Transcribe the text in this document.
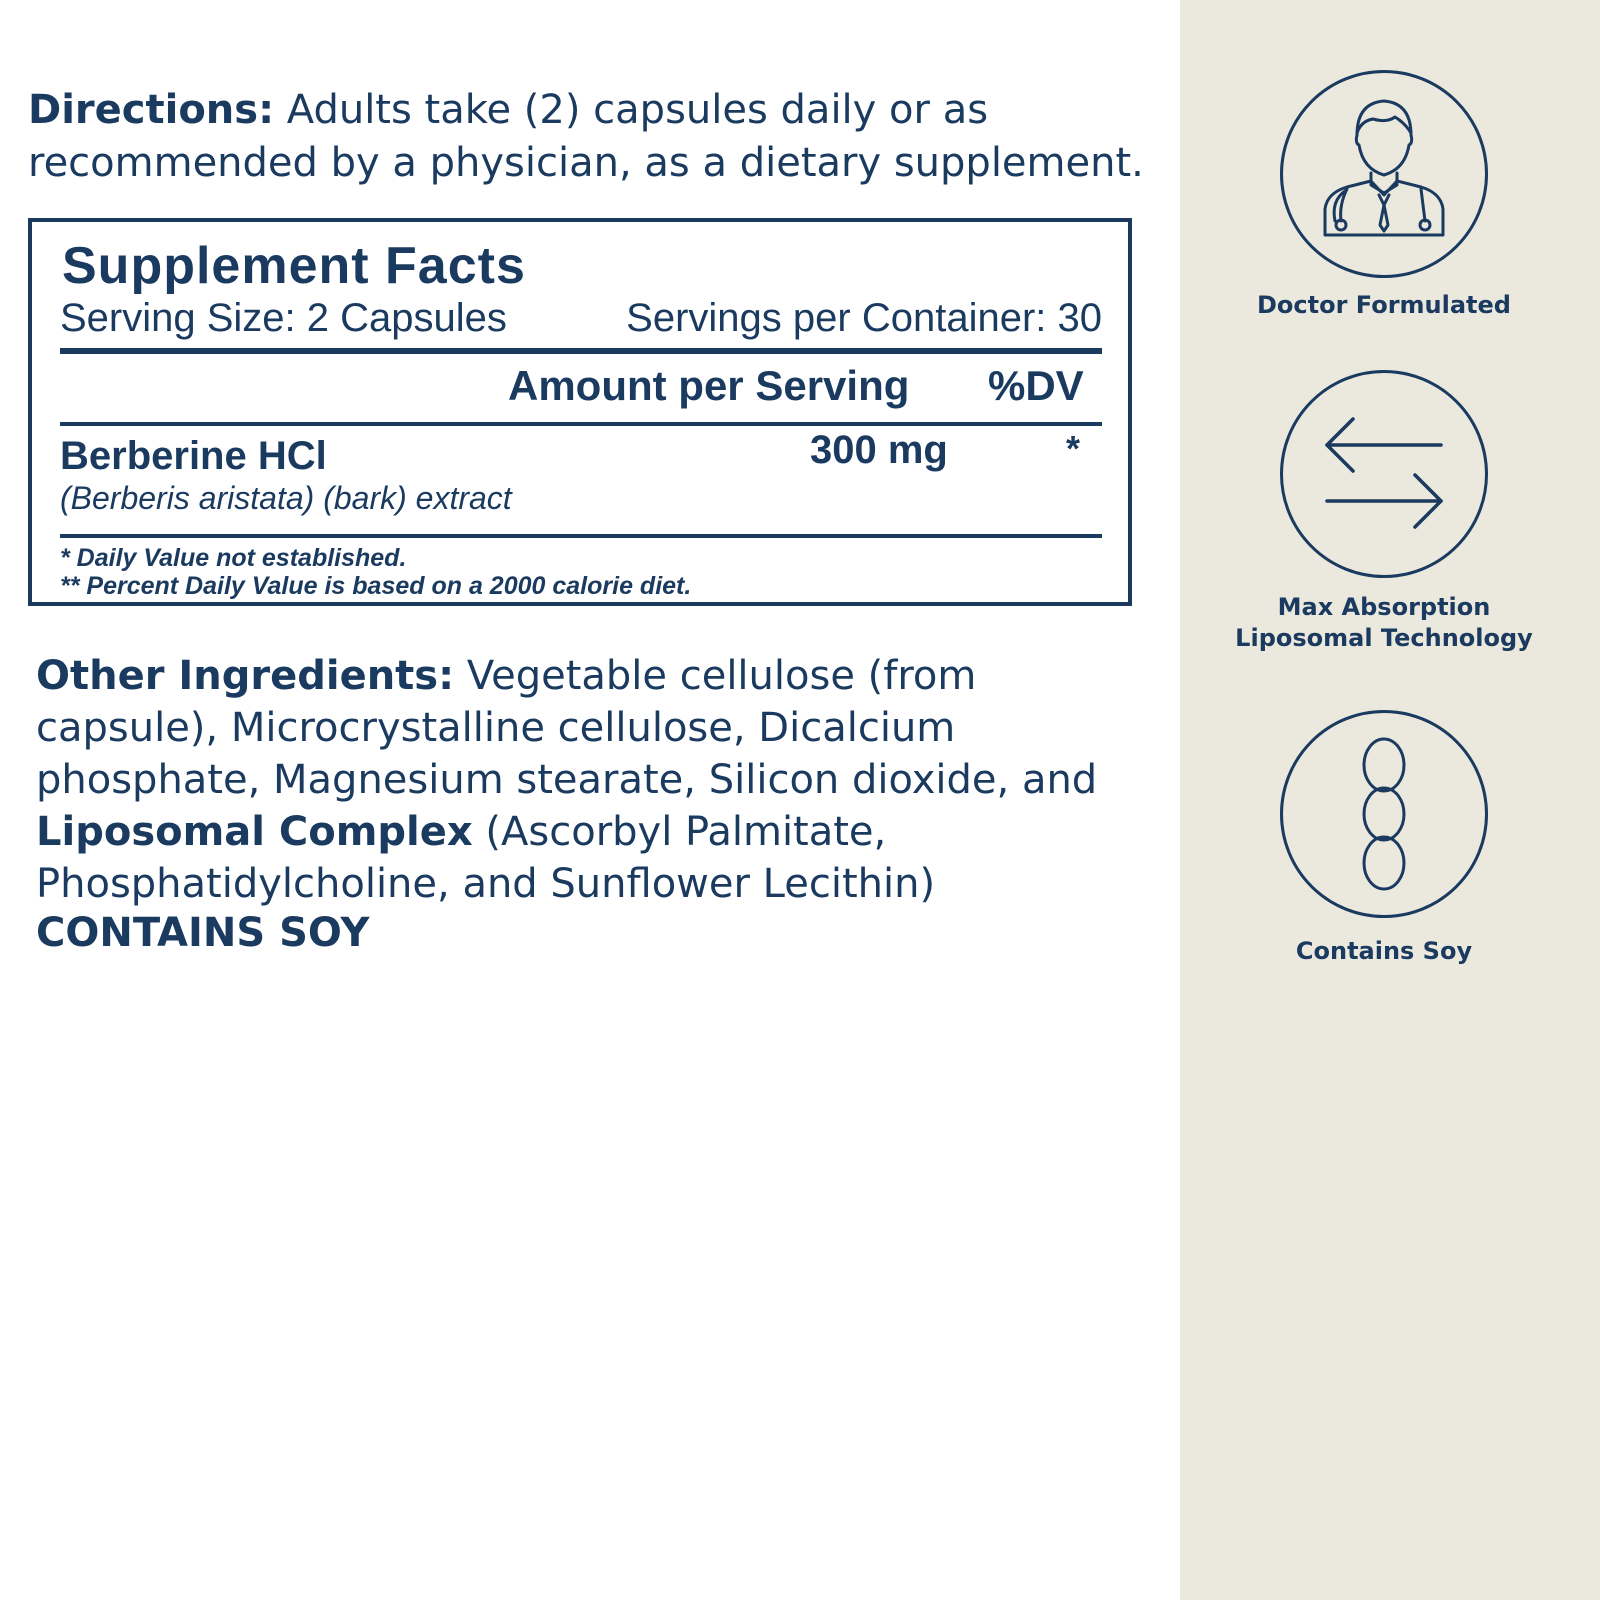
Directions: Adults take (2) capsules daily or as recommended by a physician, as a dietary supplement.
Supplement Facts
Serving Size: 2 Capsules	Servings per Container: 30
Amount per Serving %DV
Berberine HCl
(Berberis aristata) (bark) extract
300 mg	*
* Daily Value not established.
** Percent Daily Value is based on a 2000 calorie diet.
Other Ingredients: Vegetable cellulose (from capsule), Microcrystalline cellulose, Dicalcium phosphate, Magnesium stearate, Silicon dioxide, and Liposomal Complex (Ascorbyl Palmitate, Phosphatidylcholine, and Sunflower Lecithin)
CONTAINS SOY
Doctor Formulated
Max Absorption
Liposomal Technology
Contains Soy
